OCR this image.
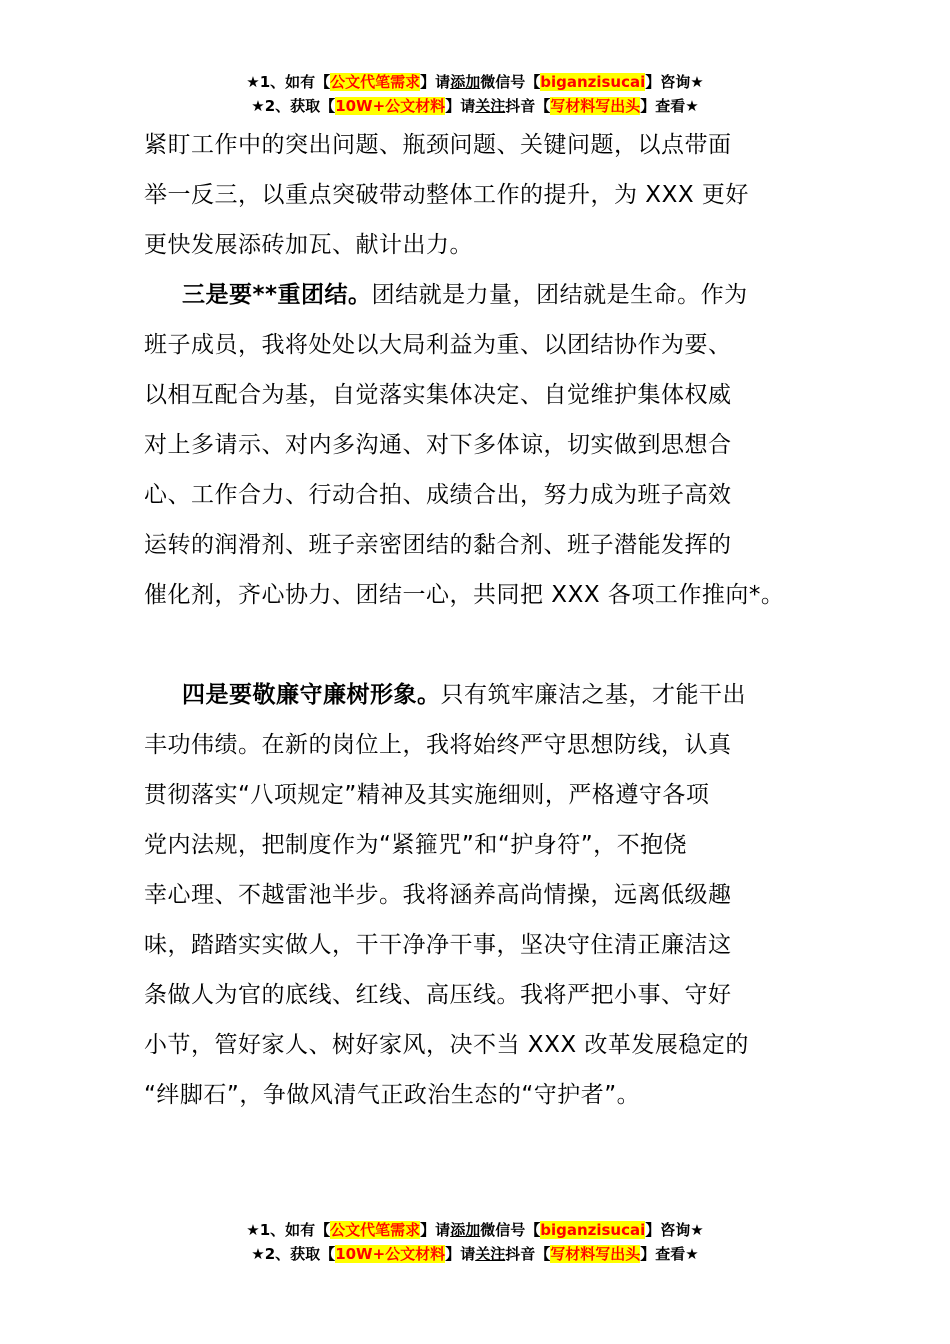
★1、如有【公文代笔需求】请添加微信号【biganzisucai】咨询★
★2、获取【10W+公文材料】请关注抖音【写材料写出头】查看★

紧盯工作中的突出问题、瓶颈问题、关键问题，以点带面
举一反三，以重点突破带动整体工作的提升，为 XXX 更好
更快发展添砖加瓦、献计出力。

三是要**重团结。团结就是力量，团结就是生命。作为
班子成员，我将处处以大局利益为重、以团结协作为要、
以相互配合为基，自觉落实集体决定、自觉维护集体权威
对上多请示、对内多沟通、对下多体谅，切实做到思想合
心、工作合力、行动合拍、成绩合出，努力成为班子高效
运转的润滑剂、班子亲密团结的黏合剂、班子潜能发挥的
催化剂，齐心协力、团结一心，共同把 XXX 各项工作推向*。

四是要敬廉守廉树形象。只有筑牢廉洁之基，才能干出
丰功伟绩。在新的岗位上，我将始终严守思想防线，认真
贯彻落实“八项规定”精神及其实施细则，严格遵守各项
党内法规，把制度作为“紧箍咒”和“护身符”，不抱侥
幸心理、不越雷池半步。我将涵养高尚情操，远离低级趣
味，踏踏实实做人，干干净净干事，坚决守住清正廉洁这
条做人为官的底线、红线、高压线。我将严把小事、守好
小节，管好家人、树好家风，决不当 XXX 改革发展稳定的
“绊脚石”，争做风清气正政治生态的“守护者”。

★1、如有【公文代笔需求】请添加微信号【biganzisucai】咨询★
★2、获取【10W+公文材料】请关注抖音【写材料写出头】查看★
